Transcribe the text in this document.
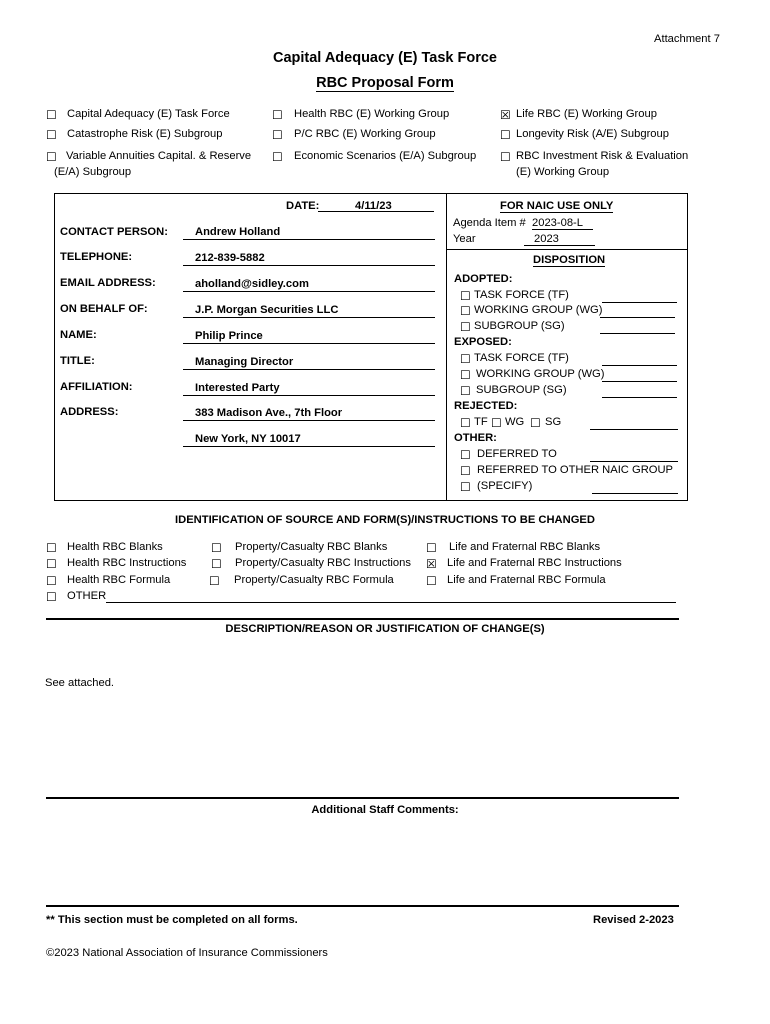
Attachment 7
Capital Adequacy (E) Task Force
RBC Proposal Form
☐ Capital Adequacy (E) Task Force	☐ Health RBC (E) Working Group	☒ Life RBC (E) Working Group
☐ Catastrophe Risk (E) Subgroup	☐ P/C RBC (E) Working Group	☐ Longevity Risk (A/E) Subgroup
☐ Variable Annuities Capital. & Reserve
(E/A) Subgroup
☐ Economic Scenarios (E/A) Subgroup ☐ RBC Investment Risk & Evaluation
(E) Working Group
DATE:	4/11/23
CONTACT PERSON:	Andrew Holland
TELEPHONE:	212-839-5882
EMAIL ADDRESS:	aholland@sidley.com
ON BEHALF OF:	J.P. Morgan Securities LLC
NAME:	Philip Prince
TITLE:	Managing Director
AFFILIATION:	Interested Party
ADDRESS:	383 Madison Ave., 7th Floor
New York, NY 10017
FOR NAIC USE ONLY
Agenda Item # 2023-08-L
Year	2023
DISPOSITION
ADOPTED:
☐ TASK FORCE (TF)
☐ WORKING GROUP (WG)
☐ SUBGROUP (SG)
EXPOSED:
☐ TASK FORCE (TF)
☐ WORKING GROUP (WG)
☐ SUBGROUP (SG)
REJECTED:
☐ TF ☐ WG ☐ SG
OTHER:
☐ DEFERRED TO
☐ REFERRED TO OTHER NAIC GROUP
☐ (SPECIFY)
IDENTIFICATION OF SOURCE AND FORM(S)/INSTRUCTIONS TO BE CHANGED
☐ Health RBC Blanks	☐ Property/Casualty RBC Blanks	☐ Life and Fraternal RBC Blanks
☐ Health RBC Instructions ☐ Property/Casualty RBC Instructions ☒ Life and Fraternal RBC Instructions
☐ Health RBC Formula	☐ Property/Casualty RBC Formula	☐ Life and Fraternal RBC Formula
☐ OTHER
DESCRIPTION/REASON OR JUSTIFICATION OF CHANGE(S)
See attached.
Additional Staff Comments:
** This section must be completed on all forms.	Revised 2-2023
©2023 National Association of Insurance Commissioners
